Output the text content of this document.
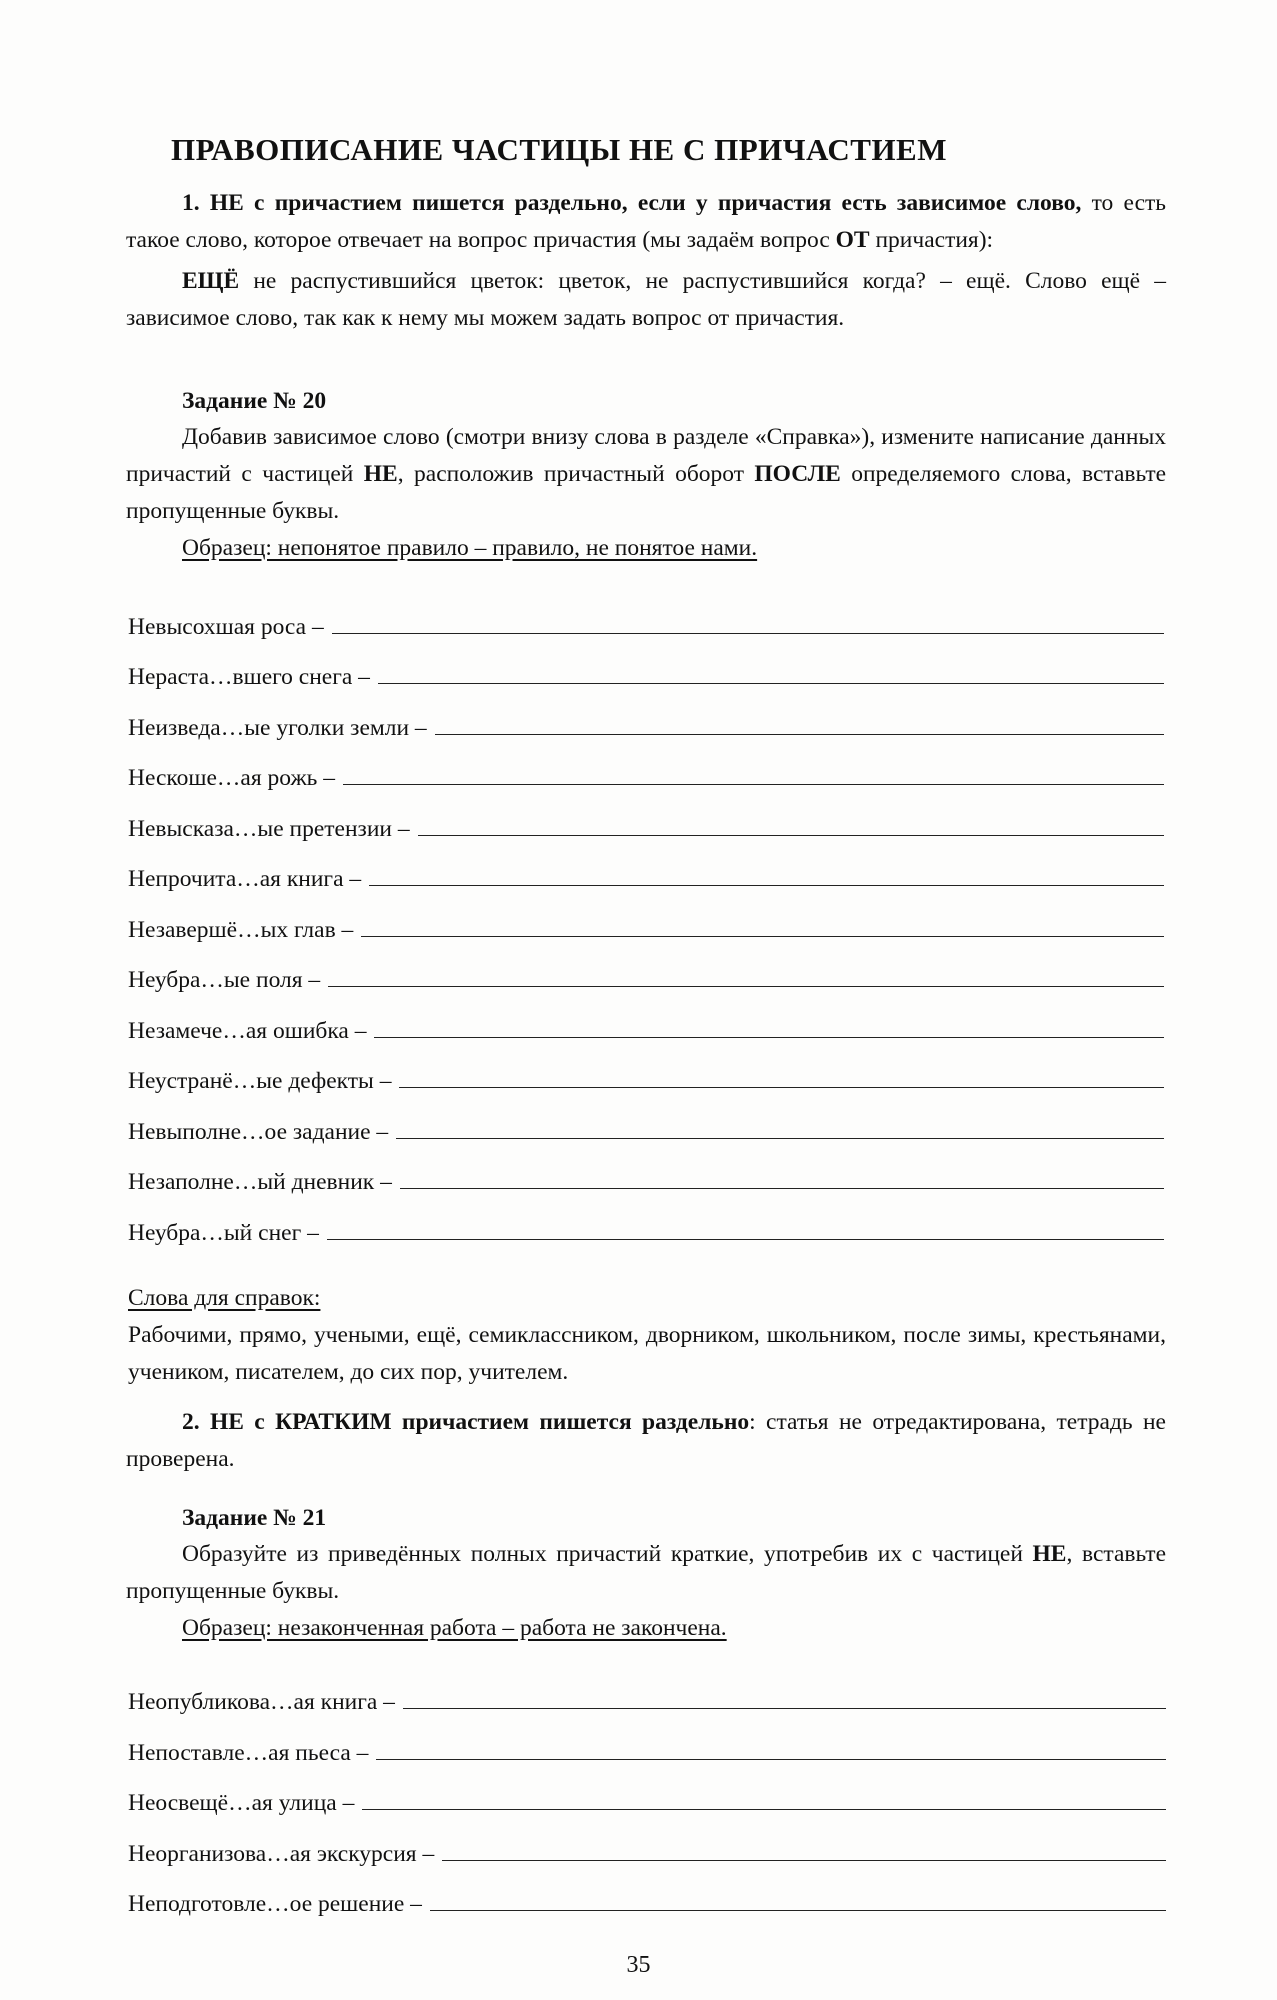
ПРАВОПИСАНИЕ ЧАСТИЦЫ НЕ С ПРИЧАСТИЕМ

1. НЕ с причастием пишется раздельно, если у причастия есть зависимое слово, то есть такое слово, которое отвечает на вопрос причастия (мы задаём вопрос ОТ причастия):

ЕЩЁ не распустившийся цветок: цветок, не распустившийся когда? – ещё. Слово ещё – зависимое слово, так как к нему мы можем задать вопрос от причастия.

Задание № 20

Добавив зависимое слово (смотри внизу слова в разделе «Справка»), измените написание данных причастий с частицей НЕ, расположив причастный оборот ПОСЛЕ определяемого слова, вставьте пропущенные буквы.

Образец: непонятое правило – правило, не понятое нами.
Невысохшая роса –
Нераста…вшего снега –
Неизведа…ые уголки земли –
Нескоше…ая рожь –
Невысказа…ые претензии –
Непрочита…ая книга –
Незавершё…ых глав –
Неубра…ые поля –
Незамече…ая ошибка –
Неустранё…ые дефекты –
Невыполне…ое задание –
Незаполне…ый дневник –
Неубра…ый снег –
Слова для справок:

Рабочими, прямо, учеными, ещё, семиклассником, дворником, школьником, после зимы, крестьянами, учеником, писателем, до сих пор, учителем.

2. НЕ с КРАТКИМ причастием пишется раздельно: статья не отредактирована, тетрадь не проверена.

Задание № 21

Образуйте из приведённых полных причастий краткие, употребив их с частицей НЕ, вставьте пропущенные буквы.

Образец: незаконченная работа – работа не закончена.
Неопубликова…ая книга –
Непоставле…ая пьеса –
Неосвещё…ая улица –
Неорганизова…ая экскурсия –
Неподготовле…ое решение –
35
